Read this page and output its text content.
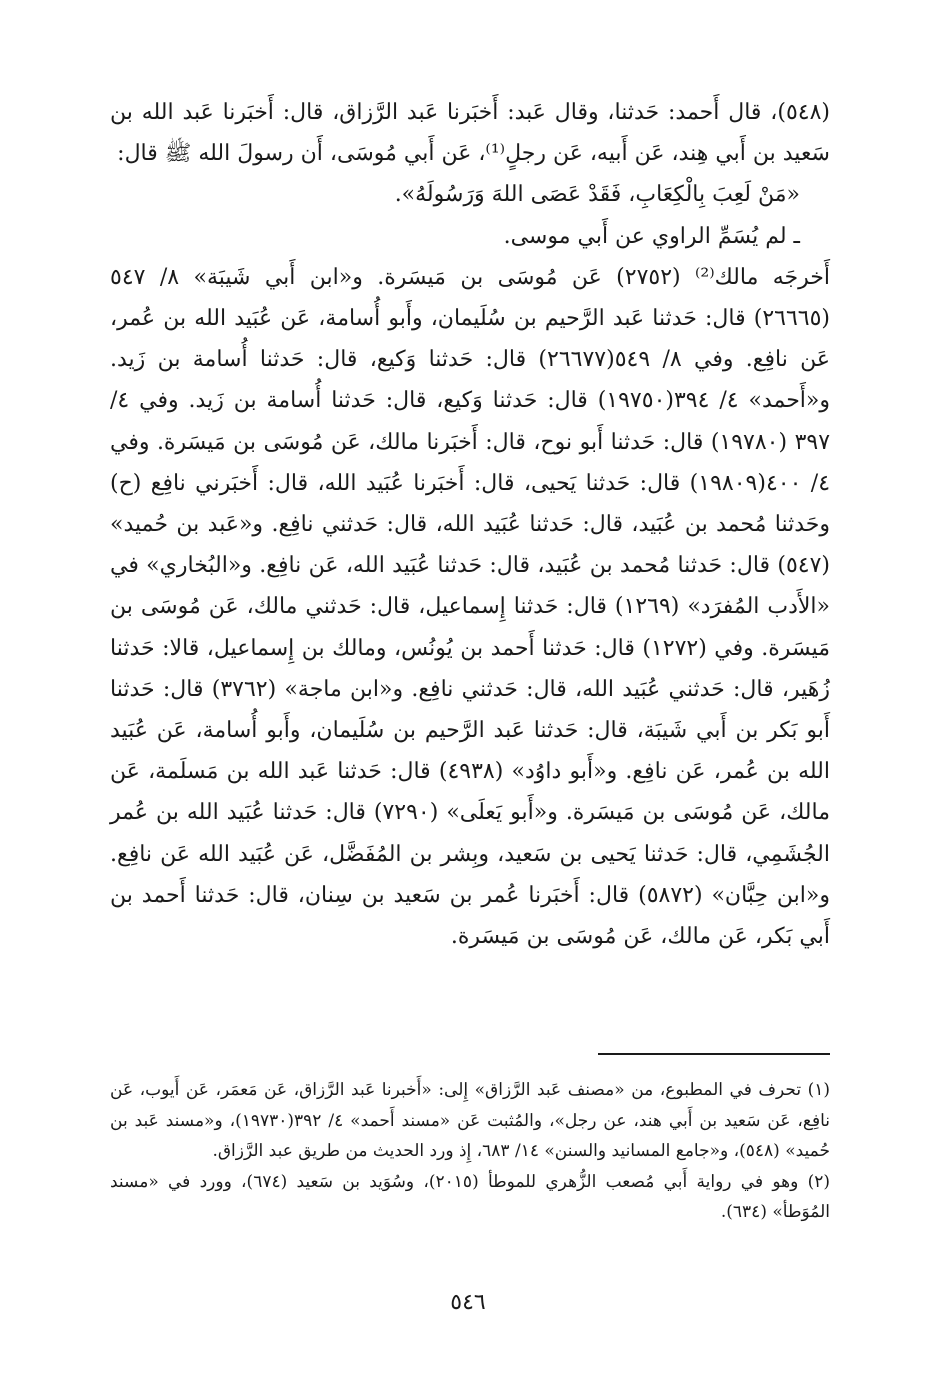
(٥٤٨)، قال أَحمد: حَدثنا، وقال عَبد: أَخبَرنا عَبد الرَّزاق، قال: أَخبَرنا عَبد الله بن سَعيد بن أَبي هِند، عَن أَبيه، عَن رجلٍ⁽¹⁾، عَن أَبي مُوسَى، أَن رسولَ الله ﷺ قال:

«مَنْ لَعِبَ بِالْكِعَابِ، فَقَدْ عَصَى اللهَ وَرَسُولَهُ».

ـ لم يُسَمِّ الراوي عن أَبي موسى.

أَخرجَه مالك⁽²⁾ (٢٧٥٢) عَن مُوسَى بن مَيسَرة. و«ابن أَبي شَيبَة» ٨/ ٥٤٧ (٢٦٦٦٥) قال: حَدثنا عَبد الرَّحيم بن سُلَيمان، وأَبو أُسامة، عَن عُبَيد الله بن عُمر، عَن نافِع. وفي ٨/ ٥٤٩(٢٦٦٧٧) قال: حَدثنا وَكيع، قال: حَدثنا أُسامة بن زَيد. و«أَحمد» ٤/ ٣٩٤(١٩٧٥٠) قال: حَدثنا وَكيع، قال: حَدثنا أُسامة بن زَيد. وفي ٤/ ٣٩٧ (١٩٧٨٠) قال: حَدثنا أَبو نوح، قال: أَخبَرنا مالك، عَن مُوسَى بن مَيسَرة. وفي ٤/ ٤٠٠(١٩٨٠٩) قال: حَدثنا يَحيى، قال: أَخبَرنا عُبَيد الله، قال: أَخبَرني نافِع (ح) وحَدثنا مُحمد بن عُبَيد، قال: حَدثنا عُبَيد الله، قال: حَدثني نافِع. و«عَبد بن حُميد» (٥٤٧) قال: حَدثنا مُحمد بن عُبَيد، قال: حَدثنا عُبَيد الله، عَن نافِع. و«البُخاري» في «الأَدب المُفرَد» (١٢٦٩) قال: حَدثنا إِسماعيل، قال: حَدثني مالك، عَن مُوسَى بن مَيسَرة. وفي (١٢٧٢) قال: حَدثنا أَحمد بن يُونُس، ومالك بن إِسماعيل، قالا: حَدثنا زُهَير، قال: حَدثني عُبَيد الله، قال: حَدثني نافِع. و«ابن ماجة» (٣٧٦٢) قال: حَدثنا أَبو بَكر بن أَبي شَيبَة، قال: حَدثنا عَبد الرَّحيم بن سُلَيمان، وأَبو أُسامة، عَن عُبَيد الله بن عُمر، عَن نافِع. و«أَبو داوُد» (٤٩٣٨) قال: حَدثنا عَبد الله بن مَسلَمة، عَن مالك، عَن مُوسَى بن مَيسَرة. و«أَبو يَعلَى» (٧٢٩٠) قال: حَدثنا عُبَيد الله بن عُمر الجُشَمِي، قال: حَدثنا يَحيى بن سَعيد، وبِشر بن المُفَضَّل، عَن عُبَيد الله عَن نافِع. و«ابن حِبَّان» (٥٨٧٢) قال: أَخبَرنا عُمر بن سَعيد بن سِنان، قال: حَدثنا أَحمد بن أَبي بَكر، عَن مالك، عَن مُوسَى بن مَيسَرة.

(١) تحرف في المطبوع، من «مصنف عَبد الرَّزاق» إِلى: «أَخبرنا عَبد الرَّزاق، عَن مَعمَر، عَن أَيوب، عَن نافِع، عَن سَعيد بن أَبي هند، عن رجل»، والمُثبت عَن «مسند أَحمد» ٤/ ٣٩٢(١٩٧٣٠)، و«مسند عَبد بن حُميد» (٥٤٨)، و«جامع المسانيد والسنن» ١٤/ ٦٨٣، إِذ ورد الحديث من طريق عبد الرَّزاق.

(٢) وهو في رواية أَبي مُصعب الزُّهري للموطأ (٢٠١٥)، وسُوَيد بن سَعيد (٦٧٤)، وورد في «مسند المُوَطأ» (٦٣٤).

٥٤٦
